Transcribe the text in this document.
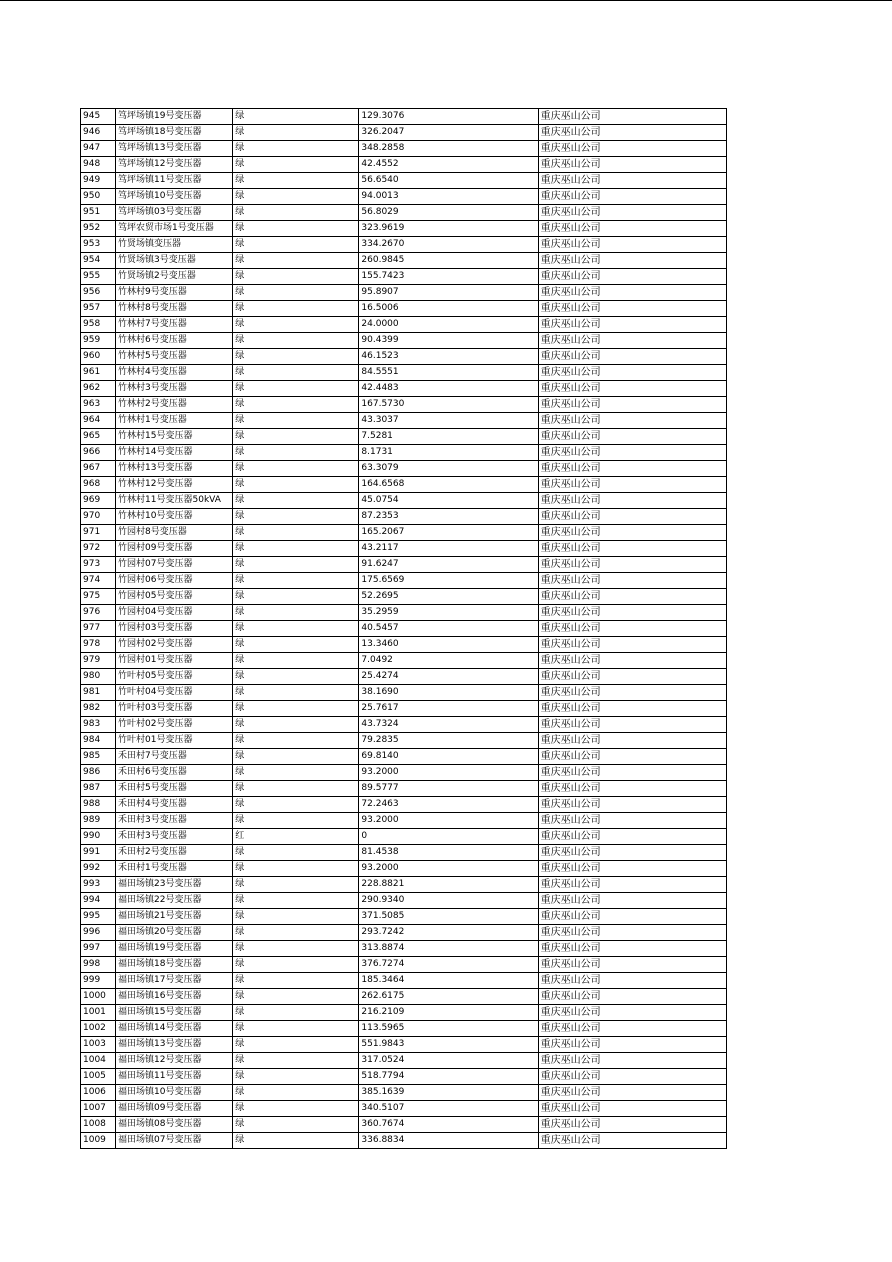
945	笃坪场镇19号变压器	绿	129.3076	重庆巫山公司
946	笃坪场镇18号变压器	绿	326.2047	重庆巫山公司
947	笃坪场镇13号变压器	绿	348.2858	重庆巫山公司
948	笃坪场镇12号变压器	绿	42.4552	重庆巫山公司
949	笃坪场镇11号变压器	绿	56.6540	重庆巫山公司
950	笃坪场镇10号变压器	绿	94.0013	重庆巫山公司
951	笃坪场镇03号变压器	绿	56.8029	重庆巫山公司
952	笃坪农贸市场1号变压器	绿	323.9619	重庆巫山公司
953	竹贤场镇变压器	绿	334.2670	重庆巫山公司
954	竹贤场镇3号变压器	绿	260.9845	重庆巫山公司
955	竹贤场镇2号变压器	绿	155.7423	重庆巫山公司
956	竹林村9号变压器	绿	95.8907	重庆巫山公司
957	竹林村8号变压器	绿	16.5006	重庆巫山公司
958	竹林村7号变压器	绿	24.0000	重庆巫山公司
959	竹林村6号变压器	绿	90.4399	重庆巫山公司
960	竹林村5号变压器	绿	46.1523	重庆巫山公司
961	竹林村4号变压器	绿	84.5551	重庆巫山公司
962	竹林村3号变压器	绿	42.4483	重庆巫山公司
963	竹林村2号变压器	绿	167.5730	重庆巫山公司
964	竹林村1号变压器	绿	43.3037	重庆巫山公司
965	竹林村15号变压器	绿	7.5281	重庆巫山公司
966	竹林村14号变压器	绿	8.1731	重庆巫山公司
967	竹林村13号变压器	绿	63.3079	重庆巫山公司
968	竹林村12号变压器	绿	164.6568	重庆巫山公司
969	竹林村11号变压器50kVA	绿	45.0754	重庆巫山公司
970	竹林村10号变压器	绿	87.2353	重庆巫山公司
971	竹园村8号变压器	绿	165.2067	重庆巫山公司
972	竹园村09号变压器	绿	43.2117	重庆巫山公司
973	竹园村07号变压器	绿	91.6247	重庆巫山公司
974	竹园村06号变压器	绿	175.6569	重庆巫山公司
975	竹园村05号变压器	绿	52.2695	重庆巫山公司
976	竹园村04号变压器	绿	35.2959	重庆巫山公司
977	竹园村03号变压器	绿	40.5457	重庆巫山公司
978	竹园村02号变压器	绿	13.3460	重庆巫山公司
979	竹园村01号变压器	绿	7.0492	重庆巫山公司
980	竹叶村05号变压器	绿	25.4274	重庆巫山公司
981	竹叶村04号变压器	绿	38.1690	重庆巫山公司
982	竹叶村03号变压器	绿	25.7617	重庆巫山公司
983	竹叶村02号变压器	绿	43.7324	重庆巫山公司
984	竹叶村01号变压器	绿	79.2835	重庆巫山公司
985	禾田村7号变压器	绿	69.8140	重庆巫山公司
986	禾田村6号变压器	绿	93.2000	重庆巫山公司
987	禾田村5号变压器	绿	89.5777	重庆巫山公司
988	禾田村4号变压器	绿	72.2463	重庆巫山公司
989	禾田村3号变压器	绿	93.2000	重庆巫山公司
990	禾田村3号变压器	红	0	重庆巫山公司
991	禾田村2号变压器	绿	81.4538	重庆巫山公司
992	禾田村1号变压器	绿	93.2000	重庆巫山公司
993	福田场镇23号变压器	绿	228.8821	重庆巫山公司
994	福田场镇22号变压器	绿	290.9340	重庆巫山公司
995	福田场镇21号变压器	绿	371.5085	重庆巫山公司
996	福田场镇20号变压器	绿	293.7242	重庆巫山公司
997	福田场镇19号变压器	绿	313.8874	重庆巫山公司
998	福田场镇18号变压器	绿	376.7274	重庆巫山公司
999	福田场镇17号变压器	绿	185.3464	重庆巫山公司
1000	福田场镇16号变压器	绿	262.6175	重庆巫山公司
1001	福田场镇15号变压器	绿	216.2109	重庆巫山公司
1002	福田场镇14号变压器	绿	113.5965	重庆巫山公司
1003	福田场镇13号变压器	绿	551.9843	重庆巫山公司
1004	福田场镇12号变压器	绿	317.0524	重庆巫山公司
1005	福田场镇11号变压器	绿	518.7794	重庆巫山公司
1006	福田场镇10号变压器	绿	385.1639	重庆巫山公司
1007	福田场镇09号变压器	绿	340.5107	重庆巫山公司
1008	福田场镇08号变压器	绿	360.7674	重庆巫山公司
1009	福田场镇07号变压器	绿	336.8834	重庆巫山公司
